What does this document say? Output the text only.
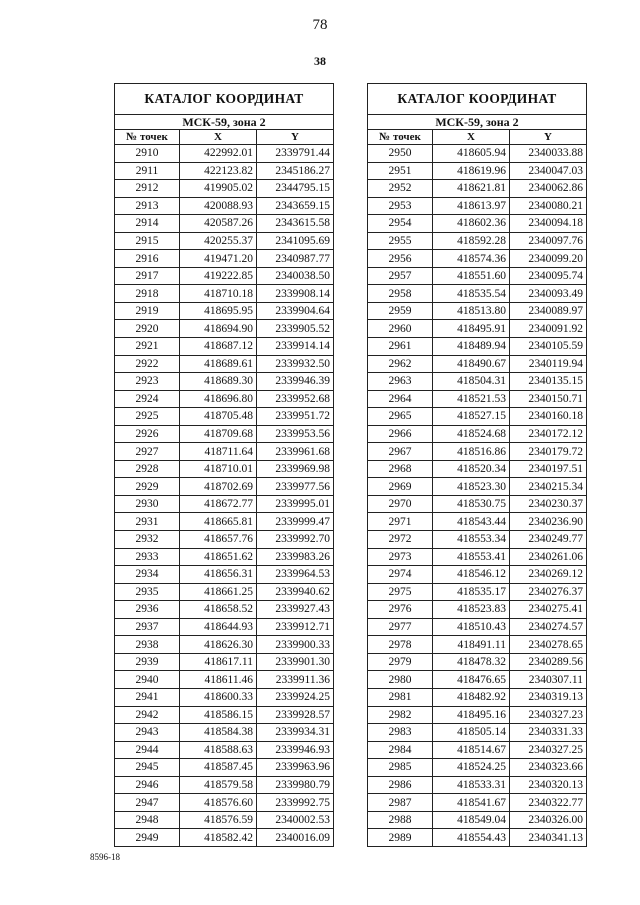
78
38
КАТАЛОГ КООРДИНАТ		
МСК-59, зона 2		
№ точек	X	Y
2910	422992.01	2339791.44
2911	422123.82	2345186.27
2912	419905.02	2344795.15
2913	420088.93	2343659.15
2914	420587.26	2343615.58
2915	420255.37	2341095.69
2916	419471.20	2340987.77
2917	419222.85	2340038.50
2918	418710.18	2339908.14
2919	418695.95	2339904.64
2920	418694.90	2339905.52
2921	418687.12	2339914.14
2922	418689.61	2339932.50
2923	418689.30	2339946.39
2924	418696.80	2339952.68
2925	418705.48	2339951.72
2926	418709.68	2339953.56
2927	418711.64	2339961.68
2928	418710.01	2339969.98
2929	418702.69	2339977.56
2930	418672.77	2339995.01
2931	418665.81	2339999.47
2932	418657.76	2339992.70
2933	418651.62	2339983.26
2934	418656.31	2339964.53
2935	418661.25	2339940.62
2936	418658.52	2339927.43
2937	418644.93	2339912.71
2938	418626.30	2339900.33
2939	418617.11	2339901.30
2940	418611.46	2339911.36
2941	418600.33	2339924.25
2942	418586.15	2339928.57
2943	418584.38	2339934.31
2944	418588.63	2339946.93
2945	418587.45	2339963.96
2946	418579.58	2339980.79
2947	418576.60	2339992.75
2948	418576.59	2340002.53
2949	418582.42	2340016.09
КАТАЛОГ КООРДИНАТ		
МСК-59, зона 2		
№ точек	X	Y
2950	418605.94	2340033.88
2951	418619.96	2340047.03
2952	418621.81	2340062.86
2953	418613.97	2340080.21
2954	418602.36	2340094.18
2955	418592.28	2340097.76
2956	418574.36	2340099.20
2957	418551.60	2340095.74
2958	418535.54	2340093.49
2959	418513.80	2340089.97
2960	418495.91	2340091.92
2961	418489.94	2340105.59
2962	418490.67	2340119.94
2963	418504.31	2340135.15
2964	418521.53	2340150.71
2965	418527.15	2340160.18
2966	418524.68	2340172.12
2967	418516.86	2340179.72
2968	418520.34	2340197.51
2969	418523.30	2340215.34
2970	418530.75	2340230.37
2971	418543.44	2340236.90
2972	418553.34	2340249.77
2973	418553.41	2340261.06
2974	418546.12	2340269.12
2975	418535.17	2340276.37
2976	418523.83	2340275.41
2977	418510.43	2340274.57
2978	418491.11	2340278.65
2979	418478.32	2340289.56
2980	418476.65	2340307.11
2981	418482.92	2340319.13
2982	418495.16	2340327.23
2983	418505.14	2340331.33
2984	418514.67	2340327.25
2985	418524.25	2340323.66
2986	418533.31	2340320.13
2987	418541.67	2340322.77
2988	418549.04	2340326.00
2989	418554.43	2340341.13
8596-18
